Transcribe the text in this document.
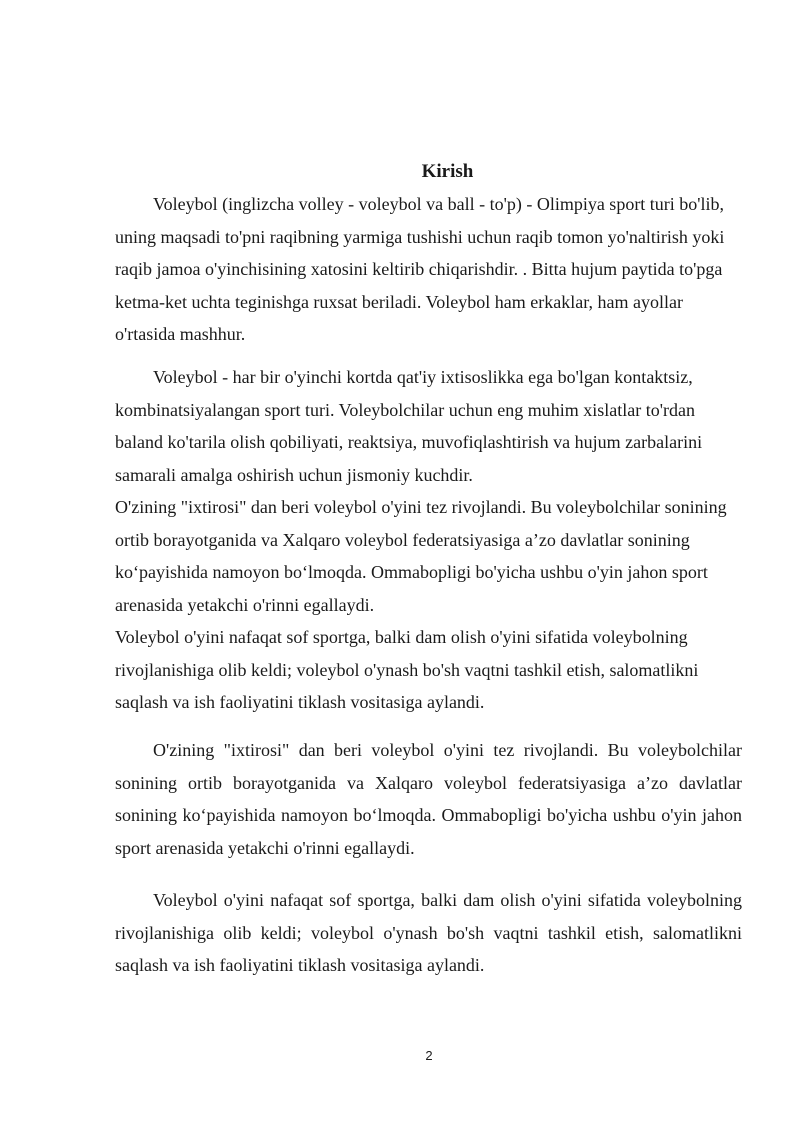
Kirish

Voleybol (inglizcha volley - voleybol va ball - to'p) - Olimpiya sport turi bo'lib, uning maqsadi to'pni raqibning yarmiga tushishi uchun raqib tomon yo'naltirish yoki raqib jamoa o'yinchisining xatosini keltirib chiqarishdir. . Bitta hujum paytida to'pga ketma-ket uchta teginishga ruxsat beriladi. Voleybol ham erkaklar, ham ayollar o'rtasida mashhur.

Voleybol - har bir o'yinchi kortda qat'iy ixtisoslikka ega bo'lgan kontaktsiz, kombinatsiyalangan sport turi. Voleybolchilar uchun eng muhim xislatlar to'rdan baland ko'tarila olish qobiliyati, reaktsiya, muvofiqlashtirish va hujum zarbalarini samarali amalga oshirish uchun jismoniy kuchdir.

O'zining "ixtirosi" dan beri voleybol o'yini tez rivojlandi. Bu voleybolchilar sonining ortib borayotganida va Xalqaro voleybol federatsiyasiga a’zo davlatlar sonining ko‘payishida namoyon bo‘lmoqda. Ommabopligi bo'yicha ushbu o'yin jahon sport arenasida yetakchi o'rinni egallaydi.

Voleybol o'yini nafaqat sof sportga, balki dam olish o'yini sifatida voleybolning rivojlanishiga olib keldi; voleybol o'ynash bo'sh vaqtni tashkil etish, salomatlikni saqlash va ish faoliyatini tiklash vositasiga aylandi.

O'zining "ixtirosi" dan beri voleybol o'yini tez rivojlandi. Bu voleybolchilar sonining ortib borayotganida va Xalqaro voleybol federatsiyasiga a’zo davlatlar sonining ko‘payishida namoyon bo‘lmoqda. Ommabopligi bo'yicha ushbu o'yin jahon sport arenasida yetakchi o'rinni egallaydi.

Voleybol o'yini nafaqat sof sportga, balki dam olish o'yini sifatida voleybolning rivojlanishiga olib keldi; voleybol o'ynash bo'sh vaqtni tashkil etish, salomatlikni saqlash va ish faoliyatini tiklash vositasiga aylandi.

2
